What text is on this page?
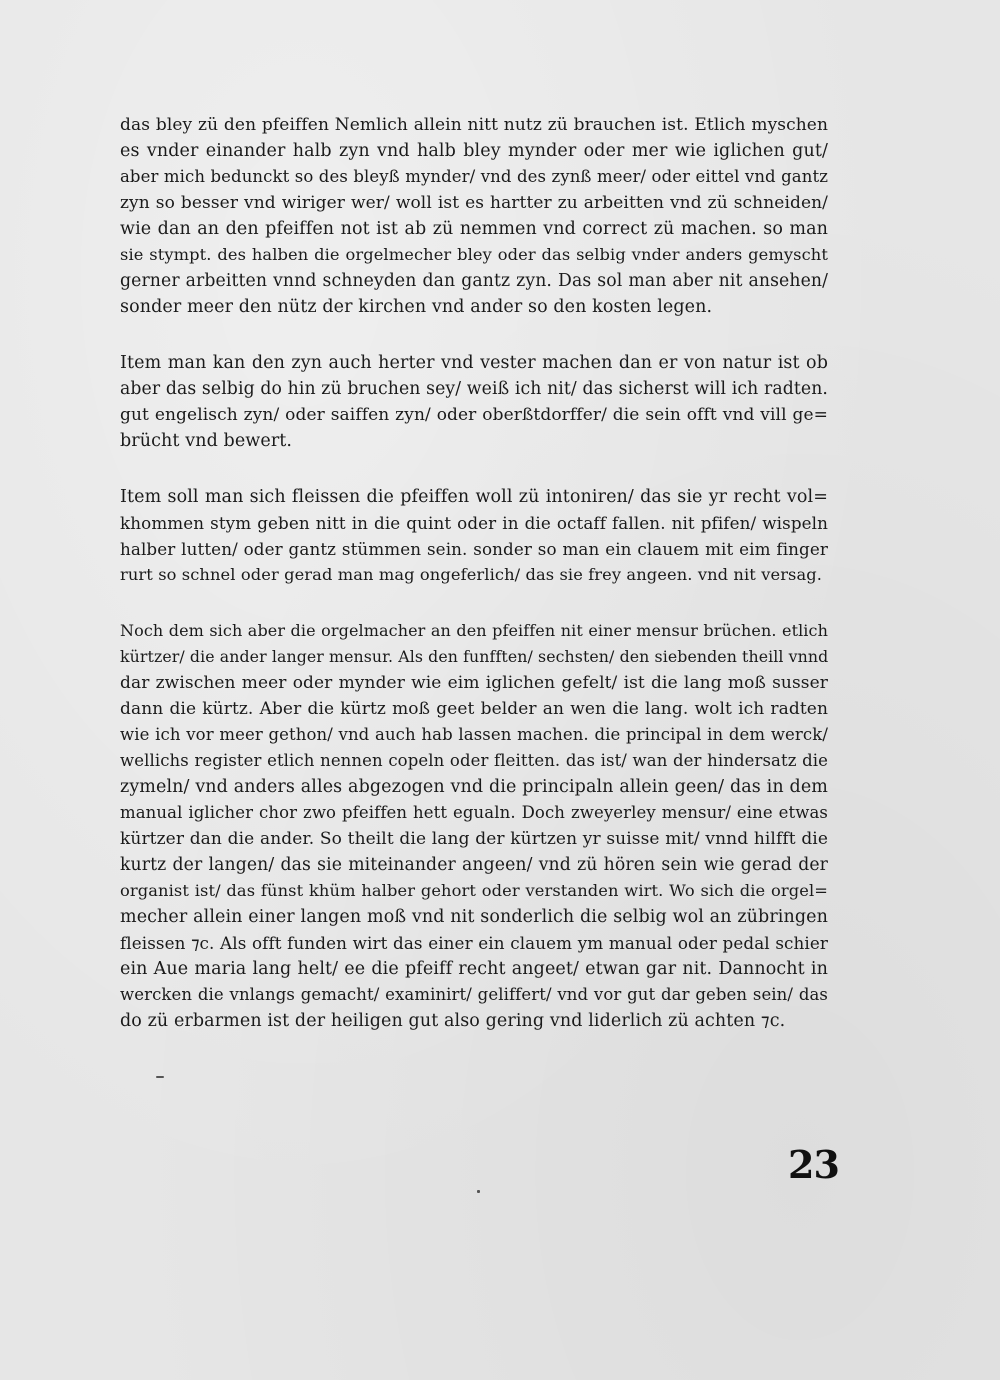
das bley zü den pfeiffen Nemlich allein nitt nutz zü brauchen ist. Etlich myschen
es vnder einander halb zyn vnd halb bley mynder oder mer wie iglichen gut/
aber mich bedunckt so des bleyß mynder/ vnd des zynß meer/ oder eittel vnd gantz
zyn so besser vnd wiriger wer/ woll ist es hartter zu arbeitten vnd zü schneiden/
wie dan an den pfeiffen not ist ab zü nemmen vnd correct zü machen. so man
sie stympt. des halben die orgelmecher bley oder das selbig vnder anders gemyscht
gerner arbeitten vnnd schneyden dan gantz zyn. Das sol man aber nit ansehen/
sonder meer den nütz der kirchen vnd ander so den kosten legen.
Item man kan den zyn auch herter vnd vester machen dan er von natur ist ob
aber das selbig do hin zü bruchen sey/ weiß ich nit/ das sicherst will ich radten.
gut engelisch zyn/ oder saiffen zyn/ oder oberßtdorffer/ die sein offt vnd vill ge=
brücht vnd bewert.
Item soll man sich fleissen die pfeiffen woll zü intoniren/ das sie yr recht vol=
khommen stym geben nitt in die quint oder in die octaff fallen. nit pfifen/ wispeln
halber lutten/ oder gantz stümmen sein. sonder so man ein clauem mit eim finger
rurt so schnel oder gerad man mag ongeferlich/ das sie frey angeen. vnd nit versag.
Noch dem sich aber die orgelmacher an den pfeiffen nit einer mensur brüchen. etlich
kürtzer/ die ander langer mensur. Als den funfften/ sechsten/ den siebenden theill vnnd
dar zwischen meer oder mynder wie eim iglichen gefelt/ ist die lang moß susser
dann die kürtz. Aber die kürtz moß geet belder an wen die lang. wolt ich radten
wie ich vor meer gethon/ vnd auch hab lassen machen. die principal in dem werck/
wellichs register etlich nennen copeln oder fleitten. das ist/ wan der hindersatz die
zymeln/ vnd anders alles abgezogen vnd die principaln allein geen/ das in dem
manual iglicher chor zwo pfeiffen hett egualn. Doch zweyerley mensur/ eine etwas
kürtzer dan die ander. So theilt die lang der kürtzen yr suisse mit/ vnnd hilfft die
kurtz der langen/ das sie miteinander angeen/ vnd zü hören sein wie gerad der
organist ist/ das fünst khüm halber gehort oder verstanden wirt. Wo sich die orgel=
mecher allein einer langen moß vnd nit sonderlich die selbig wol an zübringen
fleissen ⁊c. Als offt funden wirt das einer ein clauem ym manual oder pedal schier
ein Aue maria lang helt/ ee die pfeiff recht angeet/ etwan gar nit. Dannocht in
wercken die vnlangs gemacht/ examinirt/ geliffert/ vnd vor gut dar geben sein/ das
do zü erbarmen ist der heiligen gut also gering vnd liderlich zü achten ⁊c.
23
